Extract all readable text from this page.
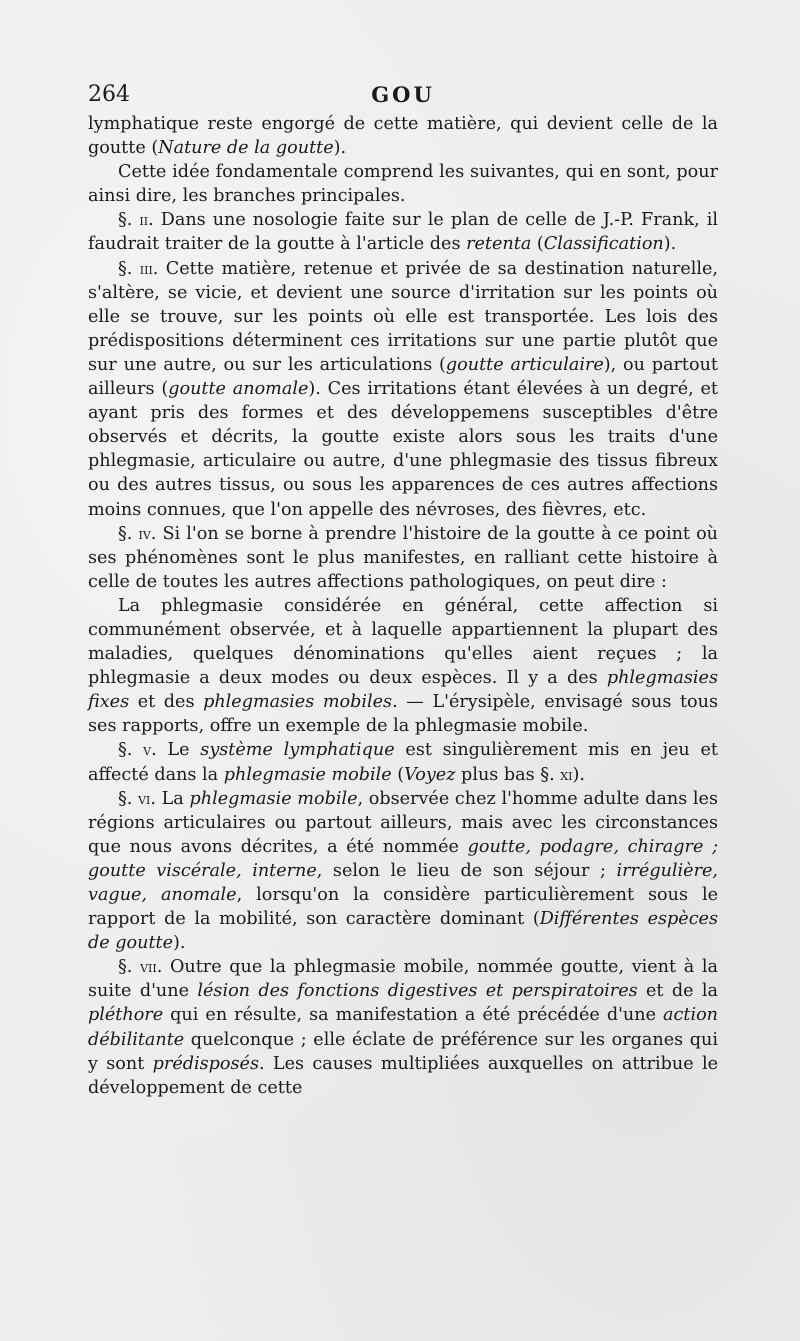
264	GOU

lymphatique reste engorgé de cette matière, qui devient celle de la goutte (Nature de la goutte).

Cette idée fondamentale comprend les suivantes, qui en sont, pour ainsi dire, les branches principales.

§. ii. Dans une nosologie faite sur le plan de celle de J.-P. Frank, il faudrait traiter de la goutte à l'article des retenta (Classification).

§. iii. Cette matière, retenue et privée de sa destination naturelle, s'altère, se vicie, et devient une source d'irritation sur les points où elle se trouve, sur les points où elle est transportée. Les lois des prédispositions déterminent ces irritations sur une partie plutôt que sur une autre, ou sur les articulations (goutte articulaire), ou partout ailleurs (goutte anomale). Ces irritations étant élevées à un degré, et ayant pris des formes et des développemens susceptibles d'être observés et décrits, la goutte existe alors sous les traits d'une phlegmasie, articulaire ou autre, d'une phlegmasie des tissus fibreux ou des autres tissus, ou sous les apparences de ces autres affections moins connues, que l'on appelle des névroses, des fièvres, etc.

§. iv. Si l'on se borne à prendre l'histoire de la goutte à ce point où ses phénomènes sont le plus manifestes, en ralliant cette histoire à celle de toutes les autres affections pathologiques, on peut dire :

La phlegmasie considérée en général, cette affection si communément observée, et à laquelle appartiennent la plupart des maladies, quelques dénominations qu'elles aient reçues ; la phlegmasie a deux modes ou deux espèces. Il y a des phlegmasies fixes et des phlegmasies mobiles. — L'érysipèle, envisagé sous tous ses rapports, offre un exemple de la phlegmasie mobile.

§. v. Le système lymphatique est singulièrement mis en jeu et affecté dans la phlegmasie mobile (Voyez plus bas §. xi).

§. vi. La phlegmasie mobile, observée chez l'homme adulte dans les régions articulaires ou partout ailleurs, mais avec les circonstances que nous avons décrites, a été nommée goutte, podagre, chiragre ; goutte viscérale, interne, selon le lieu de son séjour ; irrégulière, vague, anomale, lorsqu'on la considère particulièrement sous le rapport de la mobilité, son caractère dominant (Différentes espèces de goutte).

§. vii. Outre que la phlegmasie mobile, nommée goutte, vient à la suite d'une lésion des fonctions digestives et perspiratoires et de la pléthore qui en résulte, sa manifestation a été précédée d'une action débilitante quelconque ; elle éclate de préférence sur les organes qui y sont prédisposés. Les causes multipliées auxquelles on attribue le développement de cette
